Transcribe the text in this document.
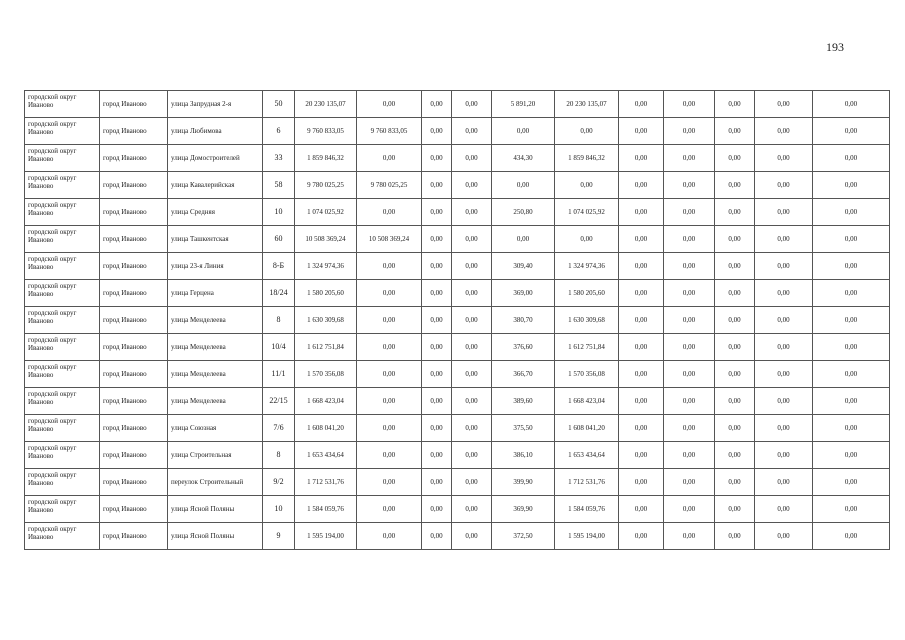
193
городской округ Иваново	город Иваново	улица Запрудная 2-я	50	20 230 135,07	0,00	0,00	0,00	5 891,20	20 230 135,07	0,00	0,00	0,00	0,00	0,00
городской округ Иваново	город Иваново	улица Любимова	6	9 760 833,05	9 760 833,05	0,00	0,00	0,00	0,00	0,00	0,00	0,00	0,00	0,00
городской округ Иваново	город Иваново	улица Домостроителей	33	1 859 846,32	0,00	0,00	0,00	434,30	1 859 846,32	0,00	0,00	0,00	0,00	0,00
городской округ Иваново	город Иваново	улица Кавалерийская	58	9 780 025,25	9 780 025,25	0,00	0,00	0,00	0,00	0,00	0,00	0,00	0,00	0,00
городской округ Иваново	город Иваново	улица Средняя	10	1 074 025,92	0,00	0,00	0,00	250,80	1 074 025,92	0,00	0,00	0,00	0,00	0,00
городской округ Иваново	город Иваново	улица Ташкентская	60	10 508 369,24	10 508 369,24	0,00	0,00	0,00	0,00	0,00	0,00	0,00	0,00	0,00
городской округ Иваново	город Иваново	улица 23-я Линия	8-Б	1 324 974,36	0,00	0,00	0,00	309,40	1 324 974,36	0,00	0,00	0,00	0,00	0,00
городской округ Иваново	город Иваново	улица Герцена	18/24	1 580 205,60	0,00	0,00	0,00	369,00	1 580 205,60	0,00	0,00	0,00	0,00	0,00
городской округ Иваново	город Иваново	улица Менделеева	8	1 630 309,68	0,00	0,00	0,00	380,70	1 630 309,68	0,00	0,00	0,00	0,00	0,00
городской округ Иваново	город Иваново	улица Менделеева	10/4	1 612 751,84	0,00	0,00	0,00	376,60	1 612 751,84	0,00	0,00	0,00	0,00	0,00
городской округ Иваново	город Иваново	улица Менделеева	11/1	1 570 356,08	0,00	0,00	0,00	366,70	1 570 356,08	0,00	0,00	0,00	0,00	0,00
городской округ Иваново	город Иваново	улица Менделеева	22/15	1 668 423,04	0,00	0,00	0,00	389,60	1 668 423,04	0,00	0,00	0,00	0,00	0,00
городской округ Иваново	город Иваново	улица Союзная	7/6	1 608 041,20	0,00	0,00	0,00	375,50	1 608 041,20	0,00	0,00	0,00	0,00	0,00
городской округ Иваново	город Иваново	улица Строительная	8	1 653 434,64	0,00	0,00	0,00	386,10	1 653 434,64	0,00	0,00	0,00	0,00	0,00
городской округ Иваново	город Иваново	переулок Строительный	9/2	1 712 531,76	0,00	0,00	0,00	399,90	1 712 531,76	0,00	0,00	0,00	0,00	0,00
городской округ Иваново	город Иваново	улица Ясной Поляны	10	1 584 059,76	0,00	0,00	0,00	369,90	1 584 059,76	0,00	0,00	0,00	0,00	0,00
городской округ Иваново	город Иваново	улица Ясной Поляны	9	1 595 194,00	0,00	0,00	0,00	372,50	1 595 194,00	0,00	0,00	0,00	0,00	0,00
